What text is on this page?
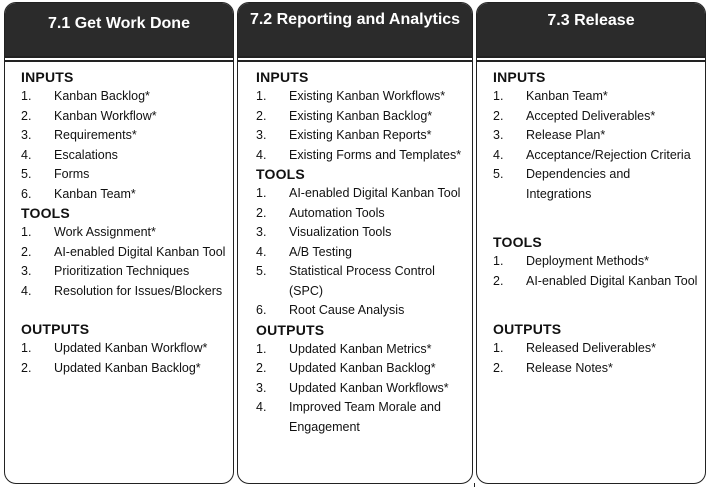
7.1 Get Work Done
INPUTS
1.	Kanban Backlog*
2.	Kanban Workflow*
3.	Requirements*
4.	Escalations
5.	Forms
6.	Kanban Team*
TOOLS
1.	Work Assignment*
2.	AI-enabled Digital Kanban Tool
3.	Prioritization Techniques
4.	Resolution for Issues/Blockers
OUTPUTS
1.	Updated Kanban Workflow*
2.	Updated Kanban Backlog*
7.2 Reporting and Analytics
INPUTS
1.	Existing Kanban Workflows*
2.	Existing Kanban Backlog*
3.	Existing Kanban Reports*
4.	Existing Forms and Templates*
TOOLS
1.	AI-enabled Digital Kanban Tool
2.	Automation Tools
3.	Visualization Tools
4.	A/B Testing
5.	Statistical Process Control (SPC)
6.	Root Cause Analysis
OUTPUTS
1.	Updated Kanban Metrics*
2.	Updated Kanban Backlog*
3.	Updated Kanban Workflows*
4.	Improved Team Morale and Engagement
7.3 Release
INPUTS
1.	Kanban Team*
2.	Accepted Deliverables*
3.	Release Plan*
4.	Acceptance/Rejection Criteria
5.	Dependencies and Integrations
TOOLS
1.	Deployment Methods*
2.	AI-enabled Digital Kanban Tool
OUTPUTS
1.	Released Deliverables*
2.	Release Notes*
